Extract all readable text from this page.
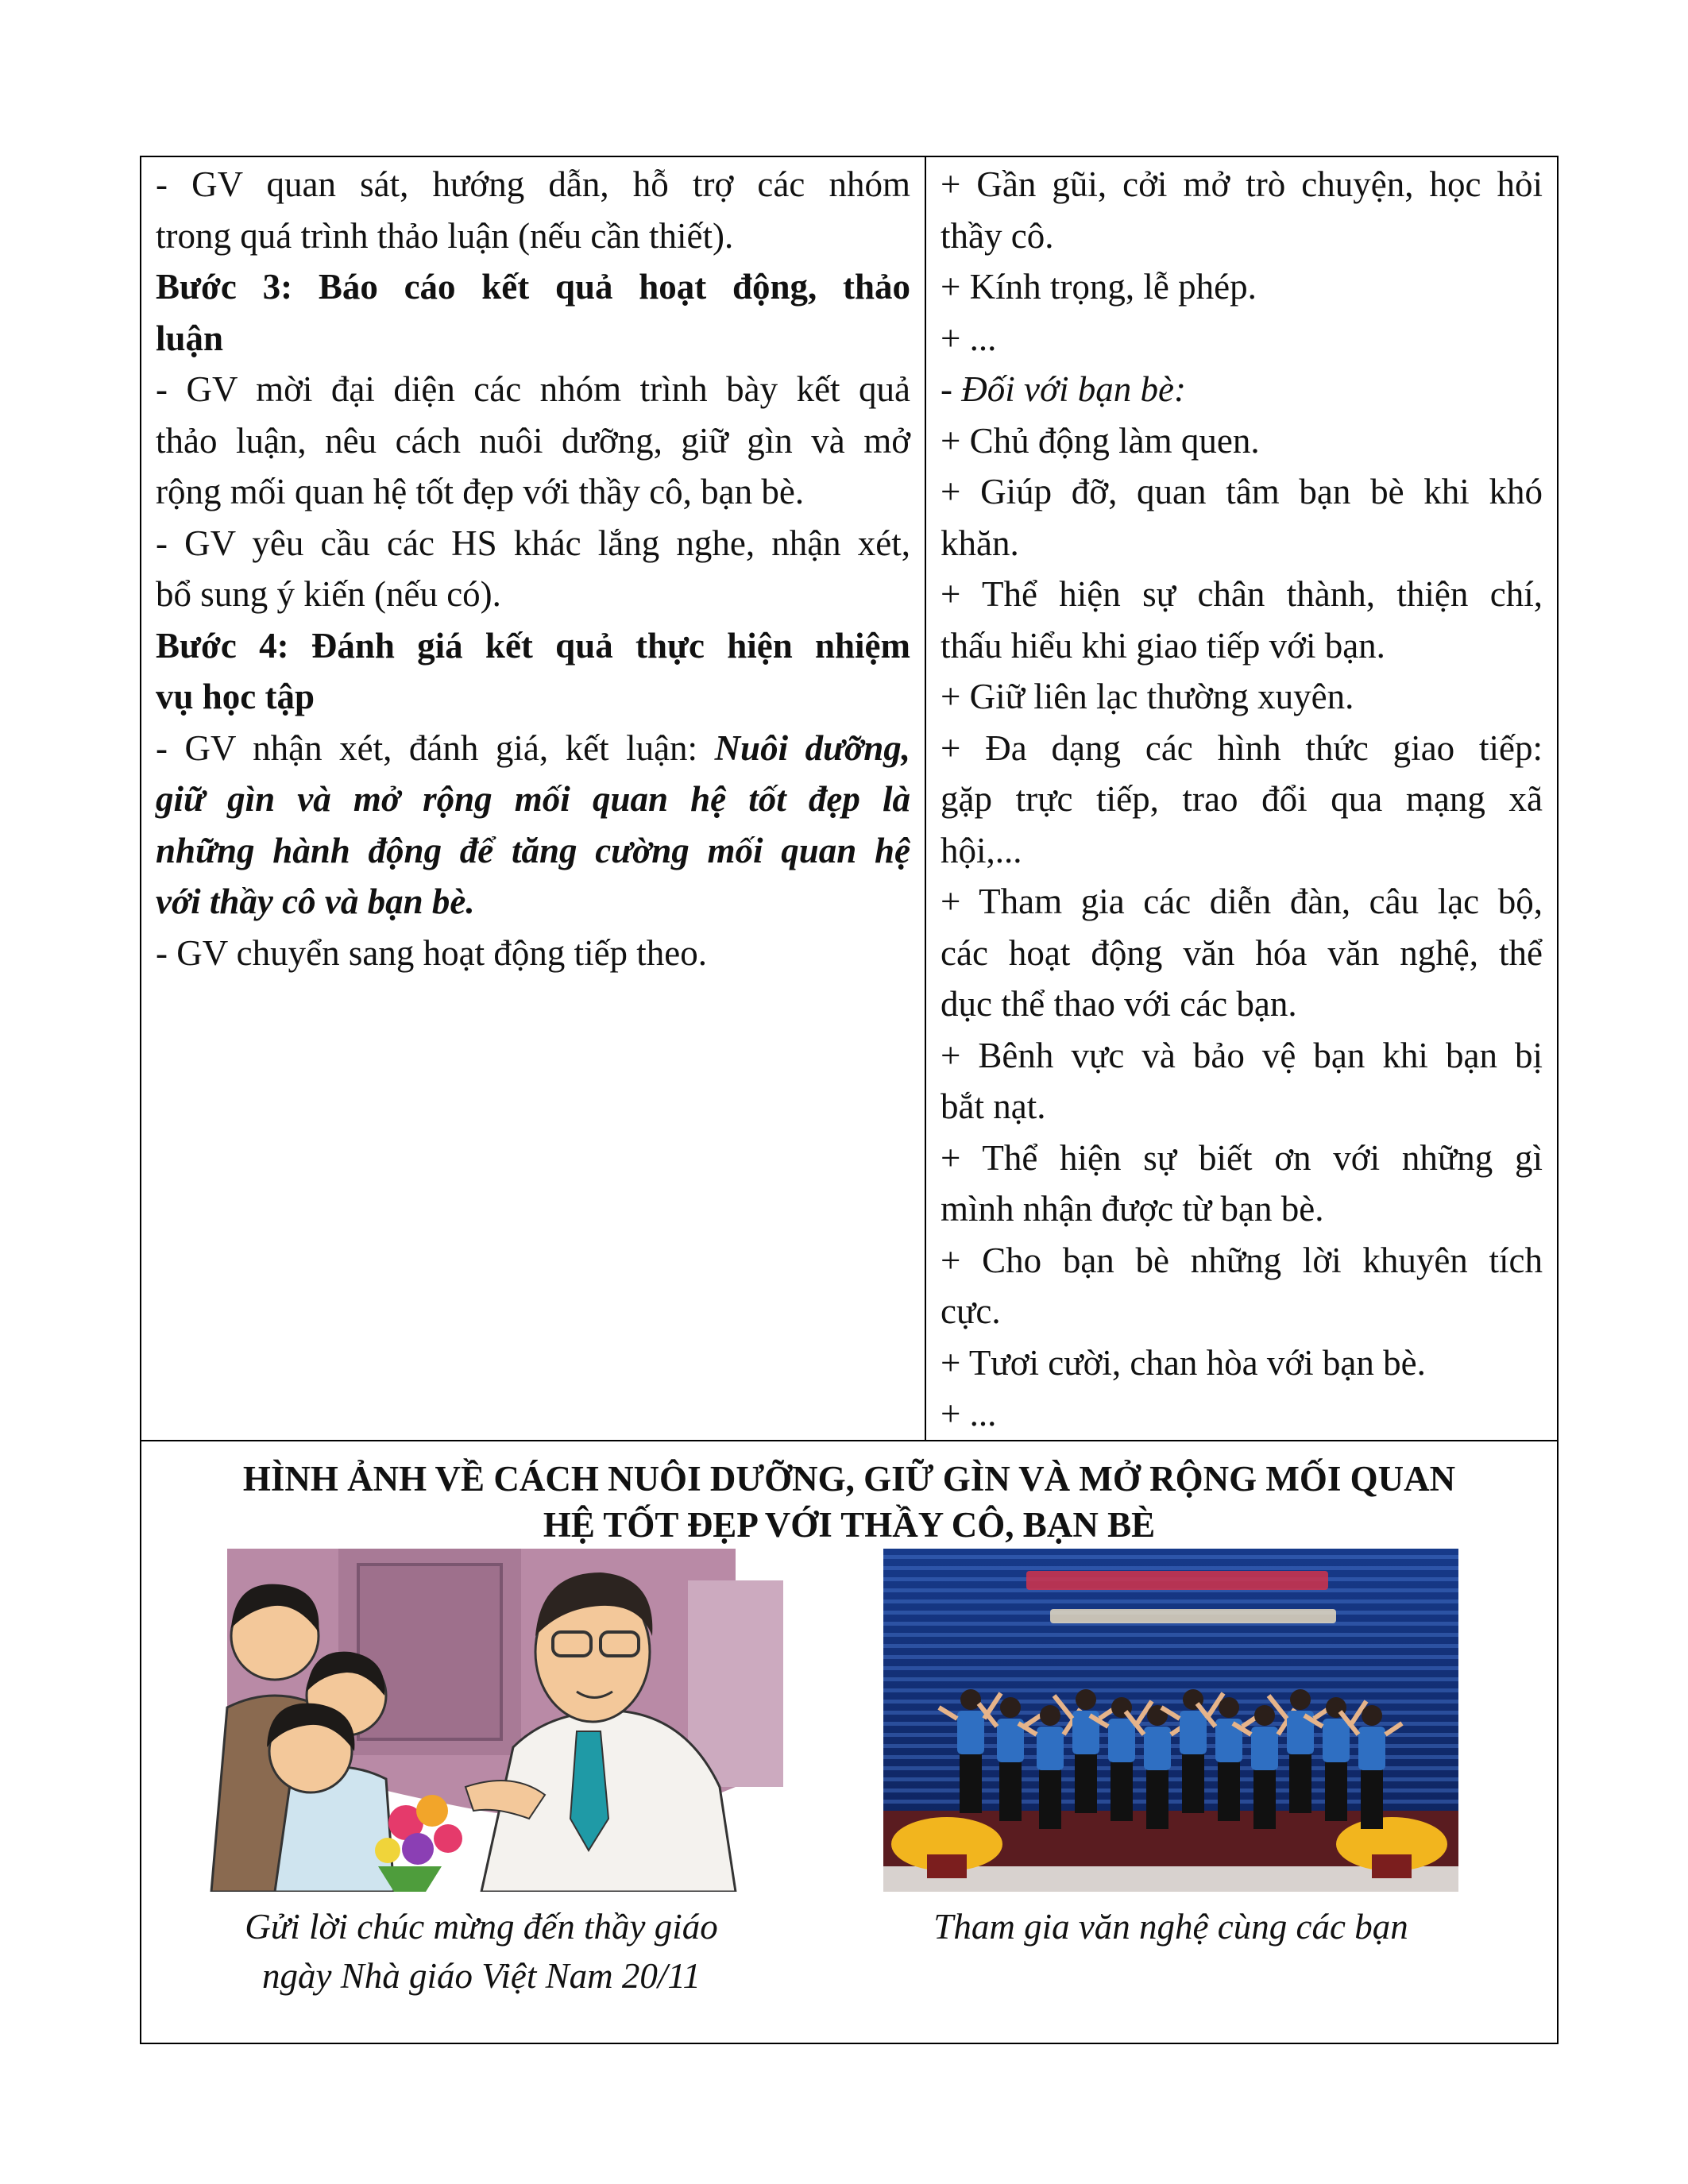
- GV quan sát, hướng dẫn, hỗ trợ các nhóm
trong quá trình thảo luận (nếu cần thiết).
Bước 3: Báo cáo kết quả hoạt động, thảo
luận
- GV mời đại diện các nhóm trình bày kết quả
thảo luận, nêu cách nuôi dưỡng, giữ gìn và mở
rộng mối quan hệ tốt đẹp với thầy cô, bạn bè.
- GV yêu cầu các HS khác lắng nghe, nhận xét,
bổ sung ý kiến (nếu có).
Bước 4: Đánh giá kết quả thực hiện nhiệm
vụ học tập
- GV nhận xét, đánh giá, kết luận: Nuôi dưỡng,
giữ gìn và mở rộng mối quan hệ tốt đẹp là
những hành động để tăng cường mối quan hệ
với thầy cô và bạn bè.
- GV chuyển sang hoạt động tiếp theo.

+ Gần gũi, cởi mở trò chuyện, học hỏi
thầy cô.
+ Kính trọng, lễ phép.
+ ...
- Đối với bạn bè:
+ Chủ động làm quen.
+ Giúp đỡ, quan tâm bạn bè khi khó
khăn.
+ Thể hiện sự chân thành, thiện chí,
thấu hiểu khi giao tiếp với bạn.
+ Giữ liên lạc thường xuyên.
+ Đa dạng các hình thức giao tiếp:
gặp trực tiếp, trao đổi qua mạng xã
hội,...
+ Tham gia các diễn đàn, câu lạc bộ,
các hoạt động văn hóa văn nghệ, thể
dục thể thao với các bạn.
+ Bênh vực và bảo vệ bạn khi bạn bị
bắt nạt.
+ Thể hiện sự biết ơn với những gì
mình nhận được từ bạn bè.
+ Cho bạn bè những lời khuyên tích
cực.
+ Tươi cười, chan hòa với bạn bè.
+ ...

HÌNH ẢNH VỀ CÁCH NUÔI DƯỠNG, GIỮ GÌN VÀ MỞ RỘNG MỐI QUAN
HỆ TỐT ĐẸP VỚI THẦY CÔ, BẠN BÈ
Gửi lời chúc mừng đến thầy giáo
ngày Nhà giáo Việt Nam 20/11
Tham gia văn nghệ cùng các bạn
